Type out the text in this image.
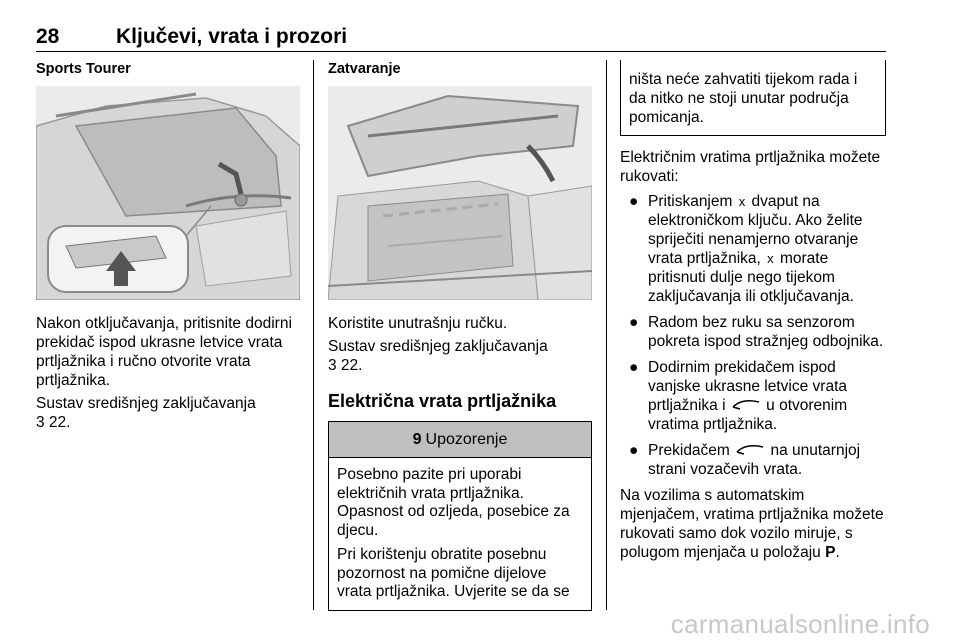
28	Ključevi, vrata i prozori
Sports Tourer
Nakon otključavanja, pritisnite dodirni prekidač ispod ukrasne letvice vrata prtljažnika i ručno otvorite vrata prtljažnika.
Sustav središnjeg zaključavanja
3 22.
Zatvaranje
Koristite unutrašnju ručku.
Sustav središnjeg zaključavanja
3 22.
Električna vrata prtljažnika
9 Upozorenje
Posebno pazite pri uporabi električnih vrata prtljažnika. Opasnost od ozljeda, posebice za djecu.
Pri korištenju obratite posebnu pozornost na pomične dijelove vrata prtljažnika. Uvjerite se da se
ništa neće zahvatiti tijekom rada i da nitko ne stoji unutar područja pomicanja.
Električnim vratima prtljažnika možete rukovati:
● Pritiskanjem x dvaput na elektroničkom ključu. Ako želite spriječiti nenamjerno otvaranje vrata prtljažnika, x morate pritisnuti dulje nego tijekom zaključavanja ili otključavanja.
● Radom bez ruku sa senzorom pokreta ispod stražnjeg odbojnika.
● Dodirnim prekidačem ispod vanjske ukrasne letvice vrata prtljažnika i	u otvorenim vratima prtljažnika.
● Prekidačem	na unutarnjoj strani vozačevih vrata.
Na vozilima s automatskim mjenjačem, vratima prtljažnika možete rukovati samo dok vozilo miruje, s polugom mjenjača u položaju P.
carmanualsonline.info
